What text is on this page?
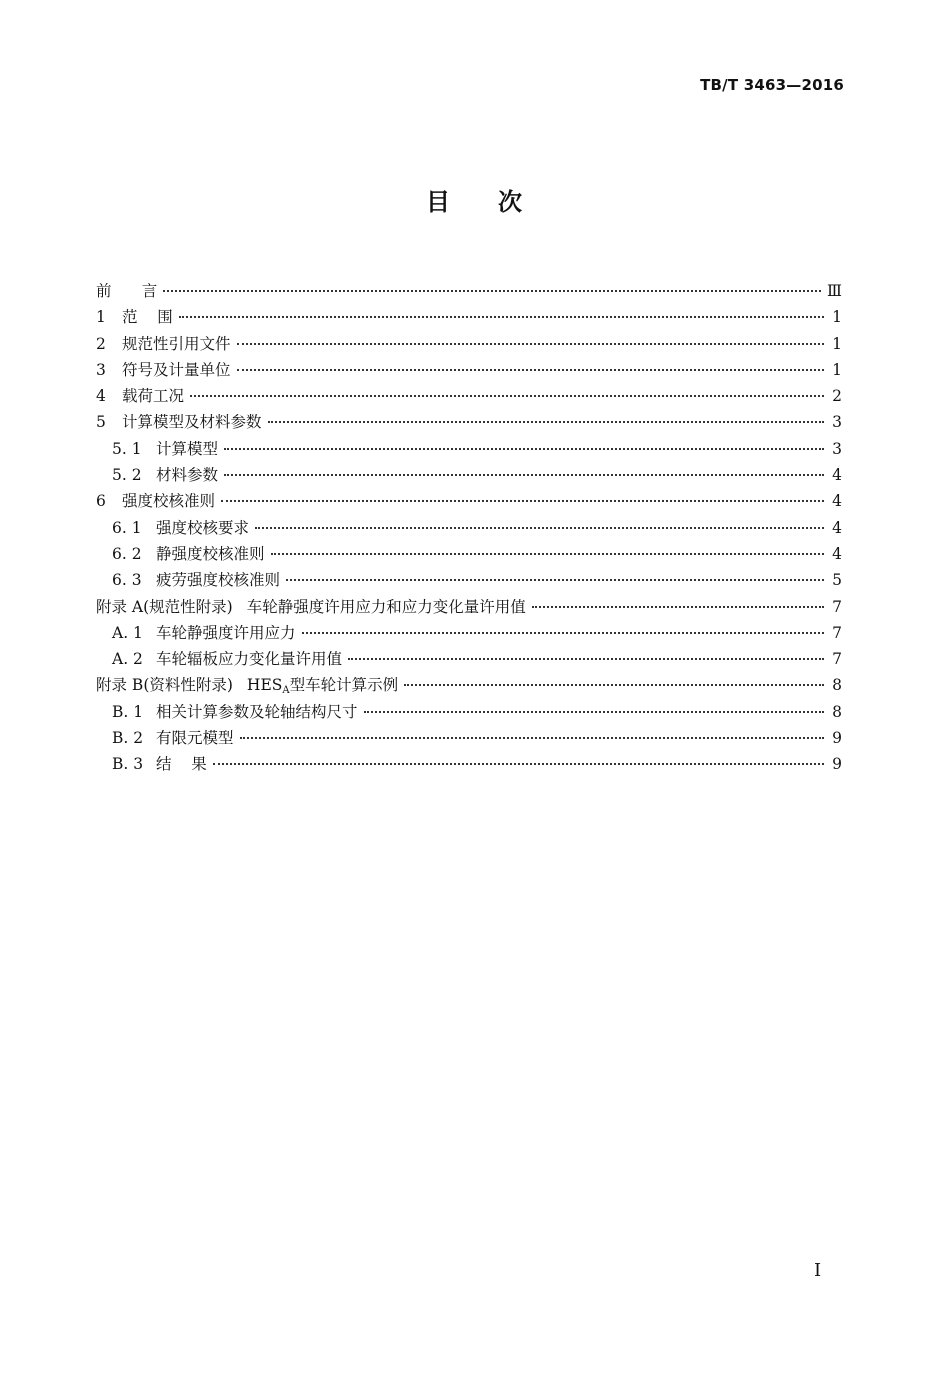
TB/T 3463—2016
目 次
前 言	Ⅲ
1	范    围	1
2	规范性引用文件	1
3	符号及计量单位	1
4	载荷工况	2
5	计算模型及材料参数	3
5. 1 计算模型	3
5. 2 材料参数	4
6	强度校核准则	4
6. 1 强度校核要求	4
6. 2 静强度校核准则	4
6. 3 疲劳强度校核准则	5
附录 A(规范性附录) 车轮静强度许用应力和应力变化量许用值	7
A. 1 车轮静强度许用应力	7
A. 2 车轮辐板应力变化量许用值	7
附录 B(资料性附录) $HES_A$型车轮计算示例	8
B. 1 相关计算参数及轮轴结构尺寸	8
B. 2 有限元模型	9
B. 3 结    果	9
I
